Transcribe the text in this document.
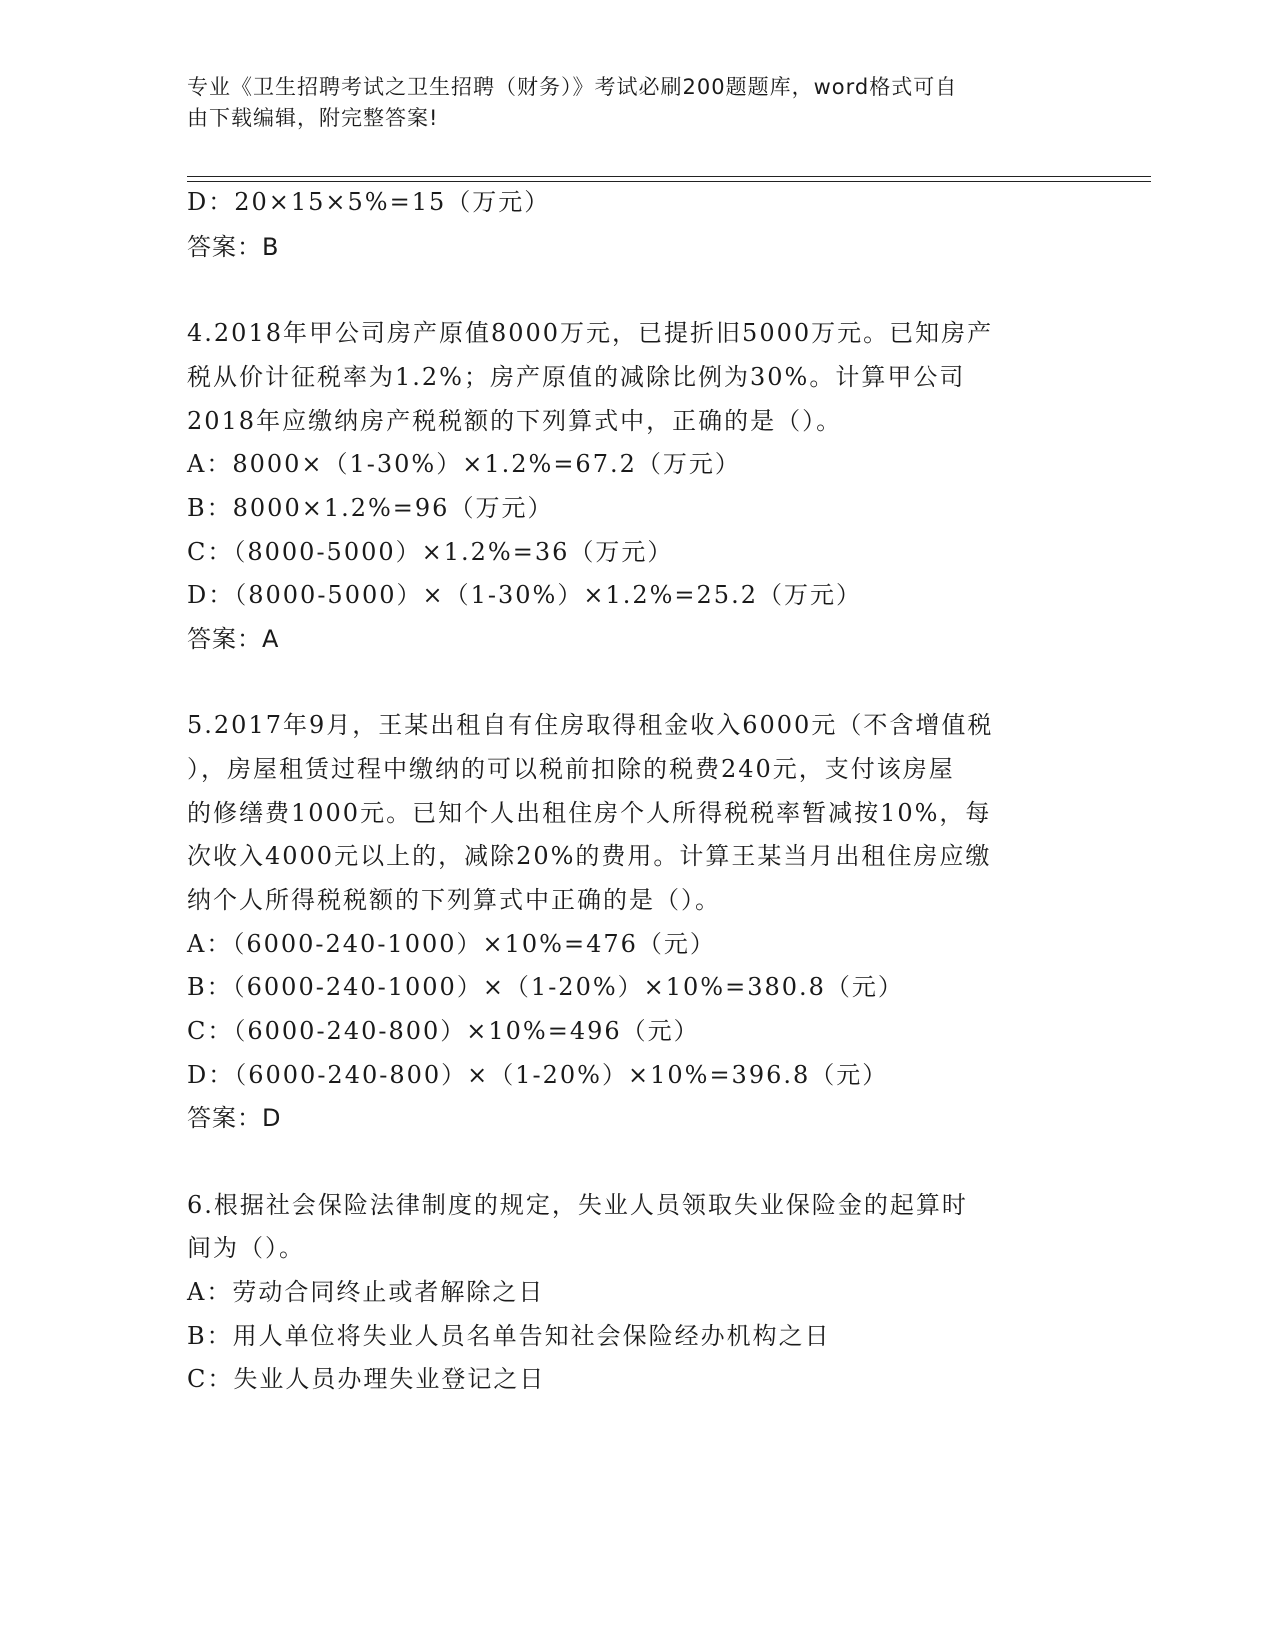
专业《卫生招聘考试之卫生招聘（财务）》考试必刷200题题库，word格式可自
由下载编辑，附完整答案!
D：20×15×5%=15（万元）
答案：B
4.2018年甲公司房产原值8000万元，已提折旧5000万元。已知房产
税从价计征税率为1.2%；房产原值的减除比例为30%。计算甲公司
2018年应缴纳房产税税额的下列算式中，正确的是（）。
A：8000×（1-30%）×1.2%=67.2（万元）
B：8000×1.2%=96（万元）
C：（8000-5000）×1.2%=36（万元）
D：（8000-5000）×（1-30%）×1.2%=25.2（万元）
答案：A
5.2017年9月，王某出租自有住房取得租金收入6000元（不含增值税
），房屋租赁过程中缴纳的可以税前扣除的税费240元，支付该房屋
的修缮费1000元。已知个人出租住房个人所得税税率暂减按10%，每
次收入4000元以上的，减除20%的费用。计算王某当月出租住房应缴
纳个人所得税税额的下列算式中正确的是（）。
A：（6000-240-1000）×10%=476（元）
B：（6000-240-1000）×（1-20%）×10%=380.8（元）
C：（6000-240-800）×10%=496（元）
D：（6000-240-800）×（1-20%）×10%=396.8（元）
答案：D
6.根据社会保险法律制度的规定，失业人员领取失业保险金的起算时
间为（）。
A：劳动合同终止或者解除之日
B：用人单位将失业人员名单告知社会保险经办机构之日
C：失业人员办理失业登记之日
